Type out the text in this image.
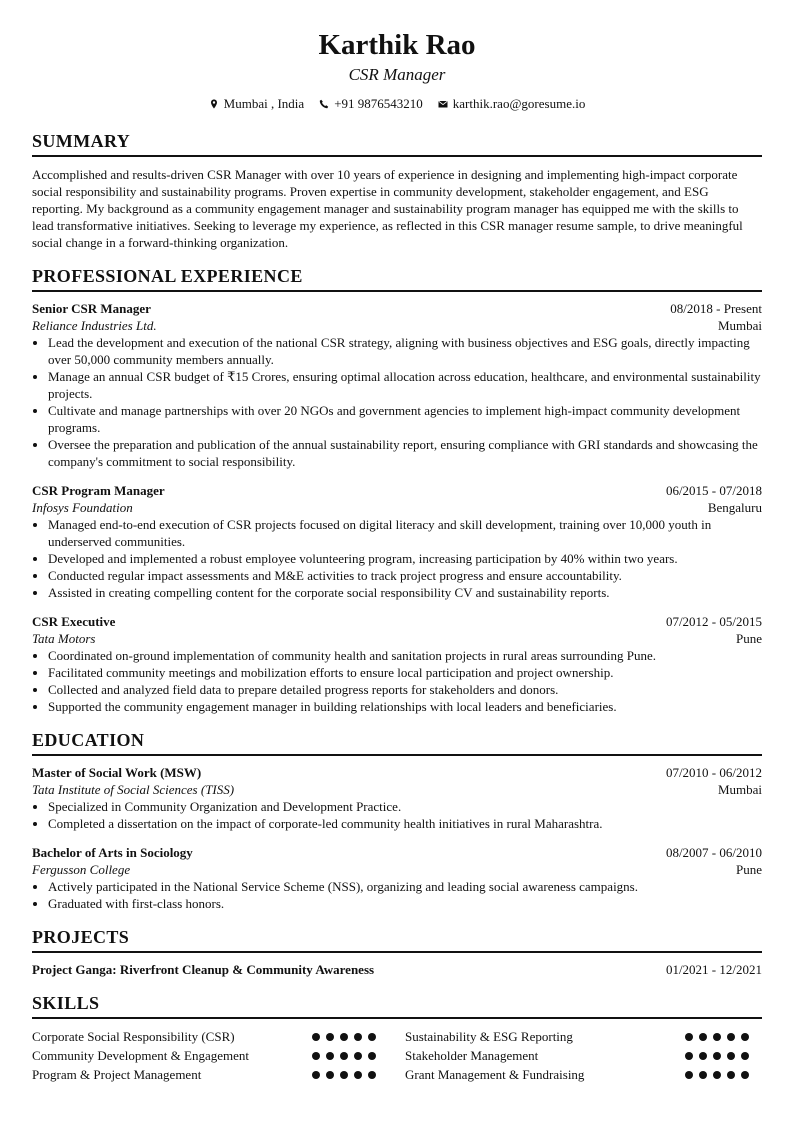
Karthik Rao
CSR Manager
Mumbai , India +91 9876543210 karthik.rao@goresume.io
SUMMARY
Accomplished and results-driven CSR Manager with over 10 years of experience in designing and implementing high-impact corporate social responsibility and sustainability programs. Proven expertise in community development, stakeholder engagement, and ESG reporting. My background as a community engagement manager and sustainability program manager has equipped me with the skills to lead transformative initiatives. Seeking to leverage my experience, as reflected in this CSR manager resume sample, to drive meaningful social change in a forward-thinking organization.
PROFESSIONAL EXPERIENCE
Senior CSR Manager	08/2018 - Present
Reliance Industries Ltd.	Mumbai
• Lead the development and execution of the national CSR strategy, aligning with business objectives and ESG goals, directly impacting over 50,000 community members annually.
• Manage an annual CSR budget of ₹15 Crores, ensuring optimal allocation across education, healthcare, and environmental sustainability projects.
• Cultivate and manage partnerships with over 20 NGOs and government agencies to implement high-impact community development programs.
• Oversee the preparation and publication of the annual sustainability report, ensuring compliance with GRI standards and showcasing the company's commitment to social responsibility.
CSR Program Manager	06/2015 - 07/2018
Infosys Foundation	Bengaluru
• Managed end-to-end execution of CSR projects focused on digital literacy and skill development, training over 10,000 youth in underserved communities.
• Developed and implemented a robust employee volunteering program, increasing participation by 40% within two years.
• Conducted regular impact assessments and M&E activities to track project progress and ensure accountability.
• Assisted in creating compelling content for the corporate social responsibility CV and sustainability reports.
CSR Executive	07/2012 - 05/2015
Tata Motors	Pune
• Coordinated on-ground implementation of community health and sanitation projects in rural areas surrounding Pune.
• Facilitated community meetings and mobilization efforts to ensure local participation and project ownership.
• Collected and analyzed field data to prepare detailed progress reports for stakeholders and donors.
• Supported the community engagement manager in building relationships with local leaders and beneficiaries.
EDUCATION
Master of Social Work (MSW)	07/2010 - 06/2012
Tata Institute of Social Sciences (TISS)	Mumbai
• Specialized in Community Organization and Development Practice.
• Completed a dissertation on the impact of corporate-led community health initiatives in rural Maharashtra.
Bachelor of Arts in Sociology	08/2007 - 06/2010
Fergusson College	Pune
• Actively participated in the National Service Scheme (NSS), organizing and leading social awareness campaigns.
• Graduated with first-class honors.
PROJECTS
Project Ganga: Riverfront Cleanup & Community Awareness	01/2021 - 12/2021
SKILLS
Corporate Social Responsibility (CSR)	Sustainability & ESG Reporting
Community Development & Engagement	Stakeholder Management
Program & Project Management	Grant Management & Fundraising
